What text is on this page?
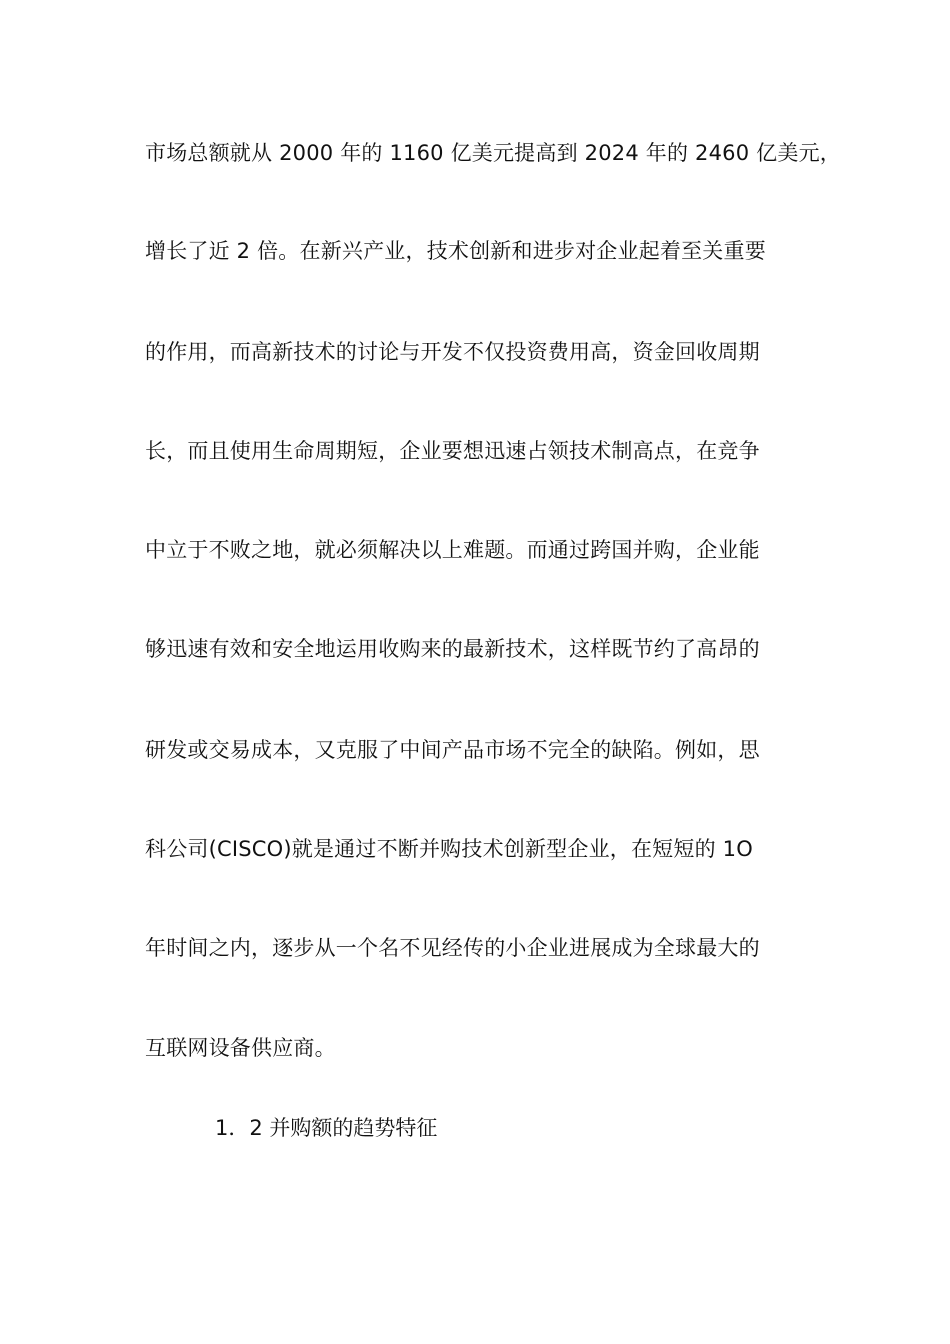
市场总额就从 2000 年的 1160 亿美元提高到 2024 年的 2460 亿美元，
增长了近 2 倍。在新兴产业，技术创新和进步对企业起着至关重要
的作用，而高新技术的讨论与开发不仅投资费用高，资金回收周期
长，而且使用生命周期短，企业要想迅速占领技术制高点，在竞争
中立于不败之地，就必须解决以上难题。而通过跨国并购，企业能
够迅速有效和安全地运用收购来的最新技术，这样既节约了高昂的
研发或交易成本，又克服了中间产品市场不完全的缺陷。例如，思
科公司(CISCO)就是通过不断并购技术创新型企业，在短短的 1O
年时间之内，逐步从一个名不见经传的小企业进展成为全球最大的
互联网设备供应商。
1．2 并购额的趋势特征
